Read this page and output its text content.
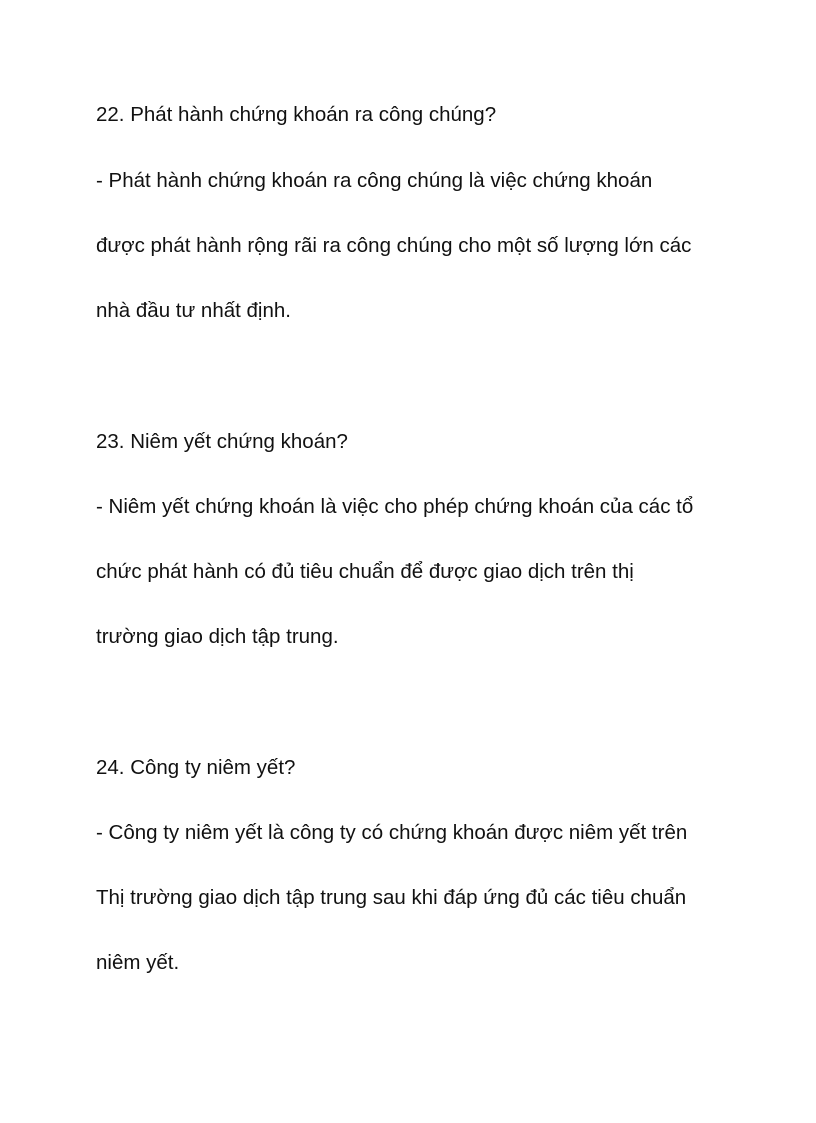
22. Phát hành chứng khoán ra công chúng?

- Phát hành chứng khoán ra công chúng là việc chứng khoán

được phát hành rộng rãi ra công chúng cho một số lượng lớn các

nhà đầu tư nhất định.

23. Niêm yết chứng khoán?

- Niêm yết chứng khoán là việc cho phép chứng khoán của các tổ

chức phát hành có đủ tiêu chuẩn để được giao dịch trên thị

trường giao dịch tập trung.

24. Công ty niêm yết?

- Công ty niêm yết là công ty có chứng khoán được niêm yết trên

Thị trường giao dịch tập trung sau khi đáp ứng đủ các tiêu chuẩn

niêm yết.
